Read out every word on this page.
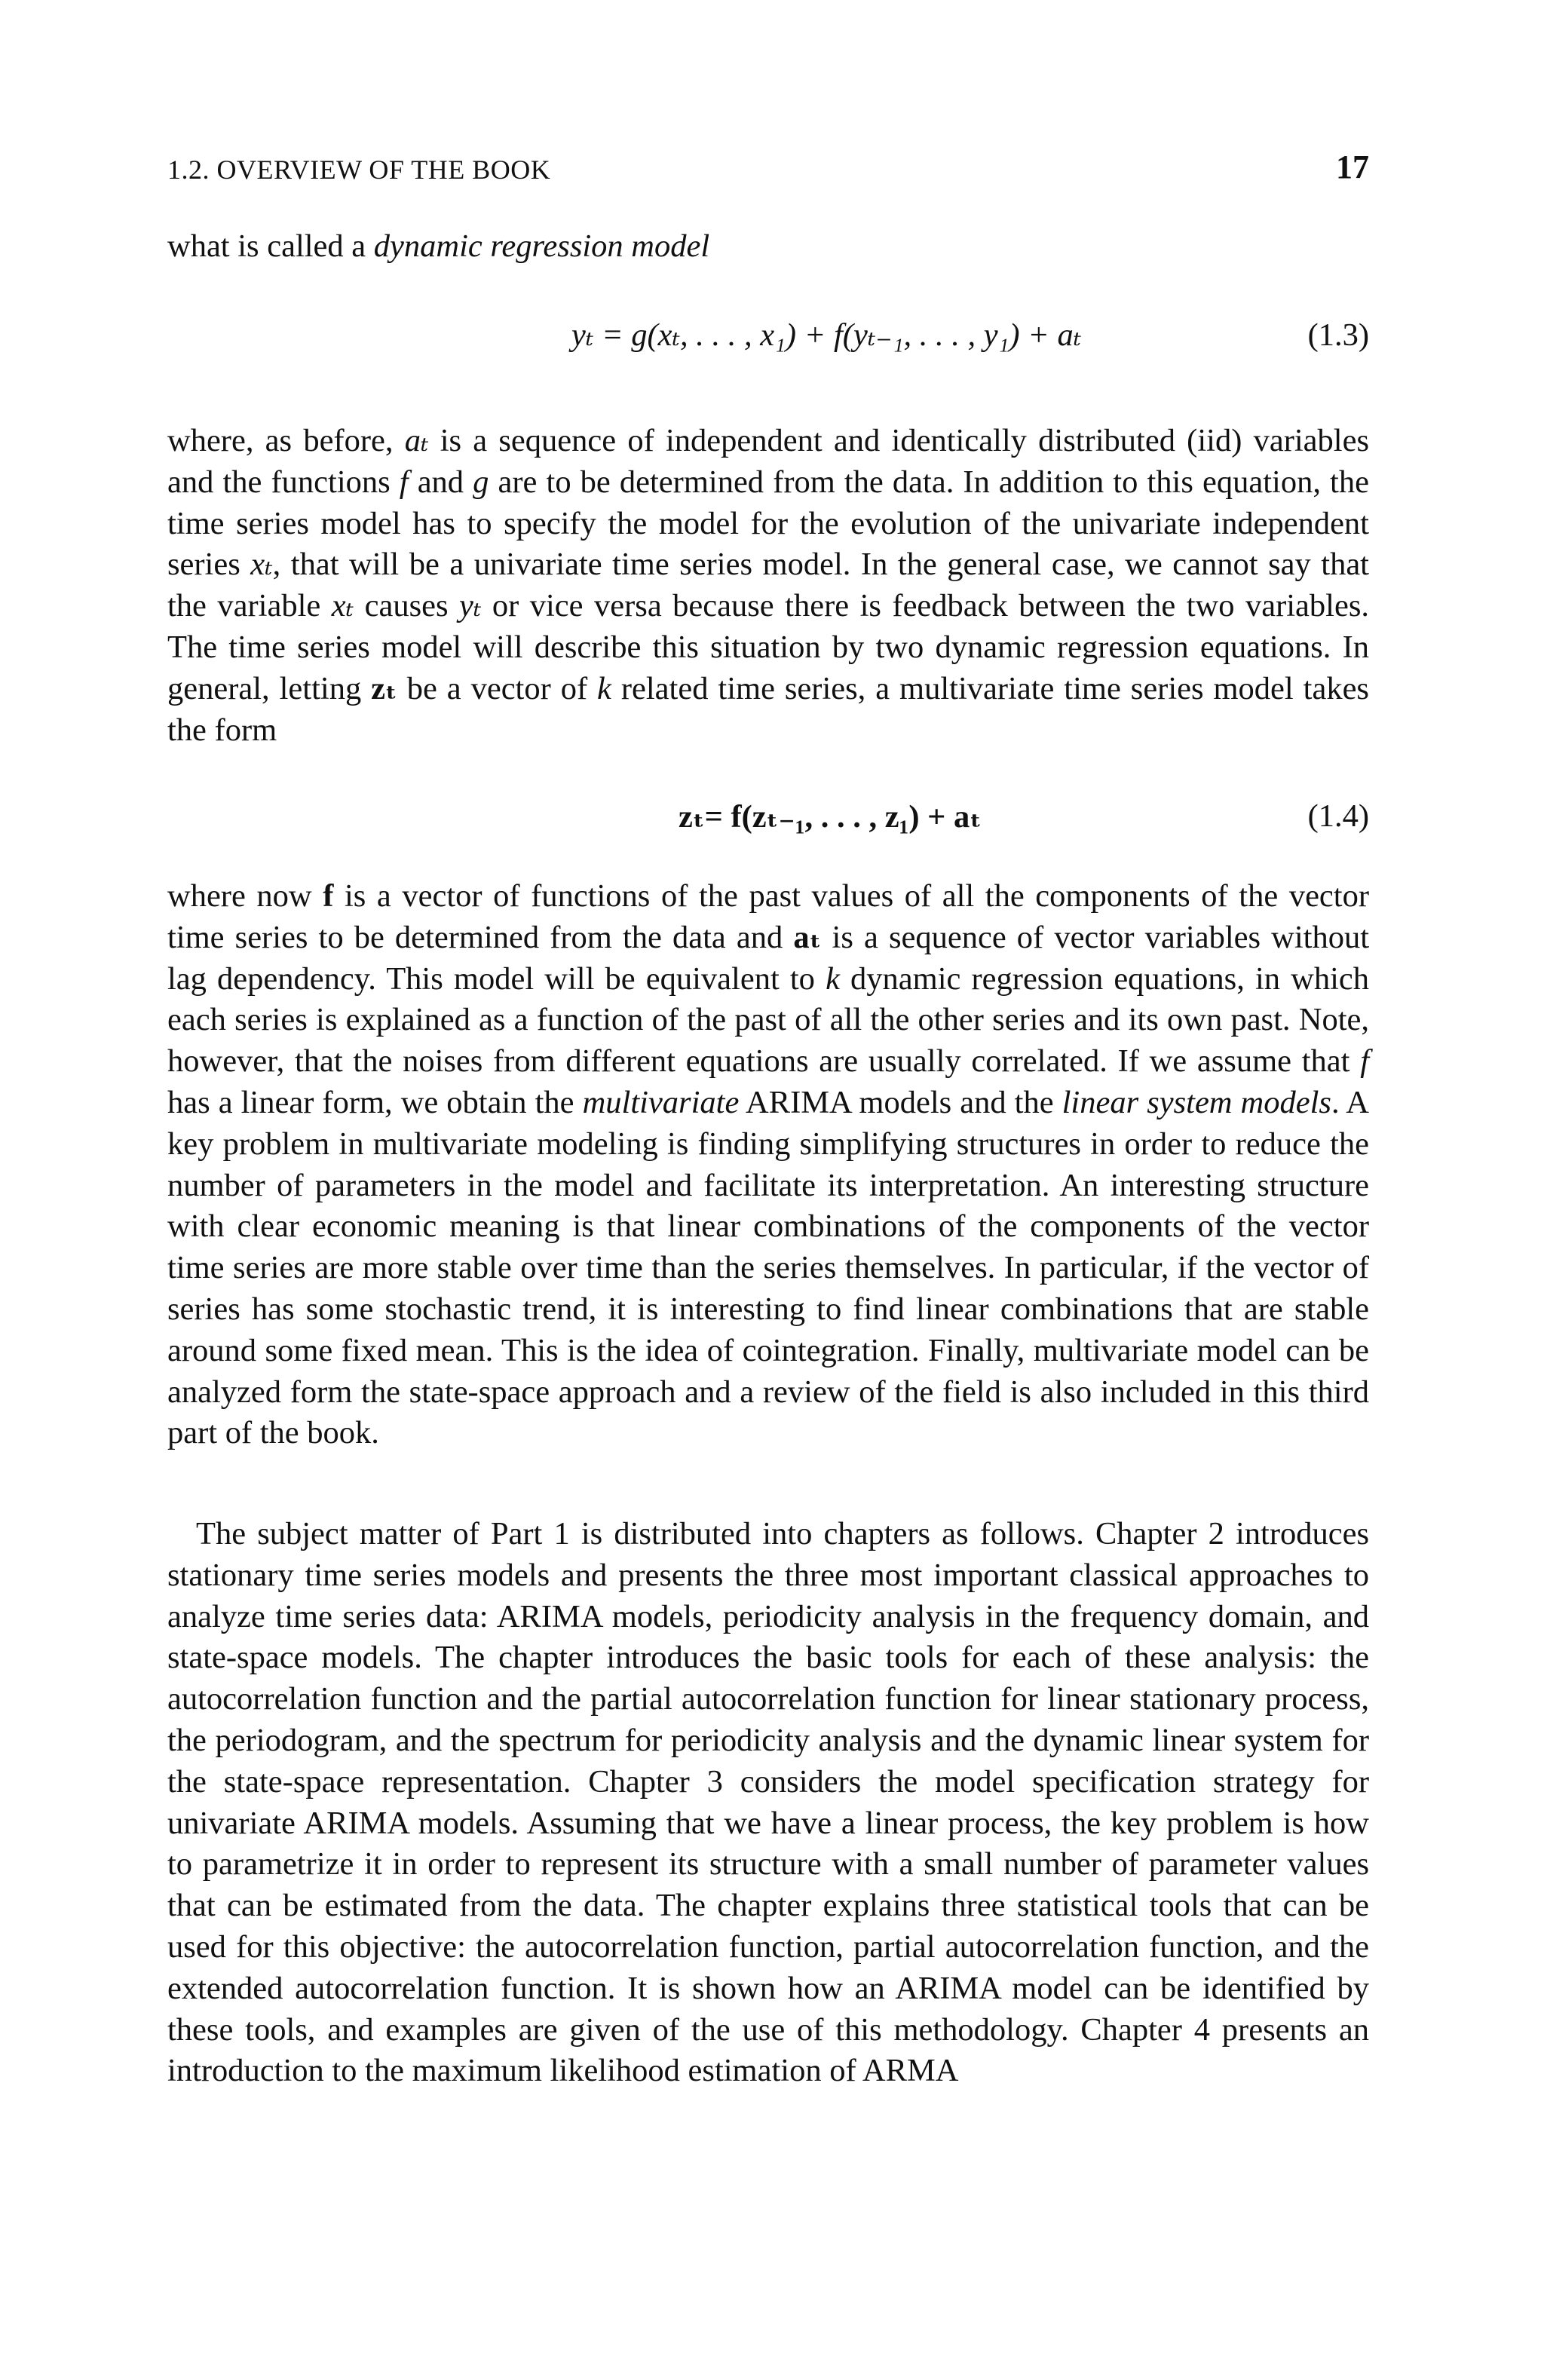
1.2. OVERVIEW OF THE BOOK	17

what is called a dynamic regression model

yₜ = g(xₜ, . . . , x₁) + f(yₜ₋₁, . . . , y₁) + aₜ	(1.3)

where, as before, aₜ is a sequence of independent and identically distributed (iid) variables and the functions f and g are to be determined from the data. In addition to this equation, the time series model has to specify the model for the evolution of the univariate independent series xₜ, that will be a univariate time series model. In the general case, we cannot say that the variable xₜ causes yₜ or vice versa because there is feedback between the two variables. The time series model will describe this situation by two dynamic regression equations. In general, letting zₜ be a vector of k related time series, a multivariate time series model takes the form

zₜ= f(zₜ₋₁, . . . , z₁) + aₜ	(1.4)

where now f is a vector of functions of the past values of all the components of the vector time series to be determined from the data and aₜ is a sequence of vector variables without lag dependency. This model will be equivalent to k dynamic regression equations, in which each series is explained as a function of the past of all the other series and its own past. Note, however, that the noises from different equations are usually correlated. If we assume that f has a linear form, we obtain the multivariate ARIMA models and the linear system models. A key problem in multivariate modeling is finding simplifying structures in order to reduce the number of parameters in the model and facilitate its interpretation. An interesting structure with clear economic meaning is that linear combinations of the components of the vector time series are more stable over time than the series themselves. In particular, if the vector of series has some stochastic trend, it is interesting to find linear combinations that are stable around some fixed mean. This is the idea of cointegration. Finally, multivariate model can be analyzed form the state-space approach and a review of the field is also included in this third part of the book.

The subject matter of Part 1 is distributed into chapters as follows. Chapter 2 introduces stationary time series models and presents the three most important classical approaches to analyze time series data: ARIMA models, periodicity analysis in the frequency domain, and state-space models. The chapter introduces the basic tools for each of these analysis: the autocorrelation function and the partial autocorrelation function for linear stationary process, the periodogram, and the spectrum for periodicity analysis and the dynamic linear system for the state-space representation. Chapter 3 considers the model specification strategy for univariate ARIMA models. Assuming that we have a linear process, the key problem is how to parametrize it in order to represent its structure with a small number of parameter values that can be estimated from the data. The chapter explains three statistical tools that can be used for this objective: the autocorrelation function, partial autocorrelation function, and the extended autocorrelation function. It is shown how an ARIMA model can be identified by these tools, and examples are given of the use of this methodology. Chapter 4 presents an introduction to the maximum likelihood estimation of ARMA
